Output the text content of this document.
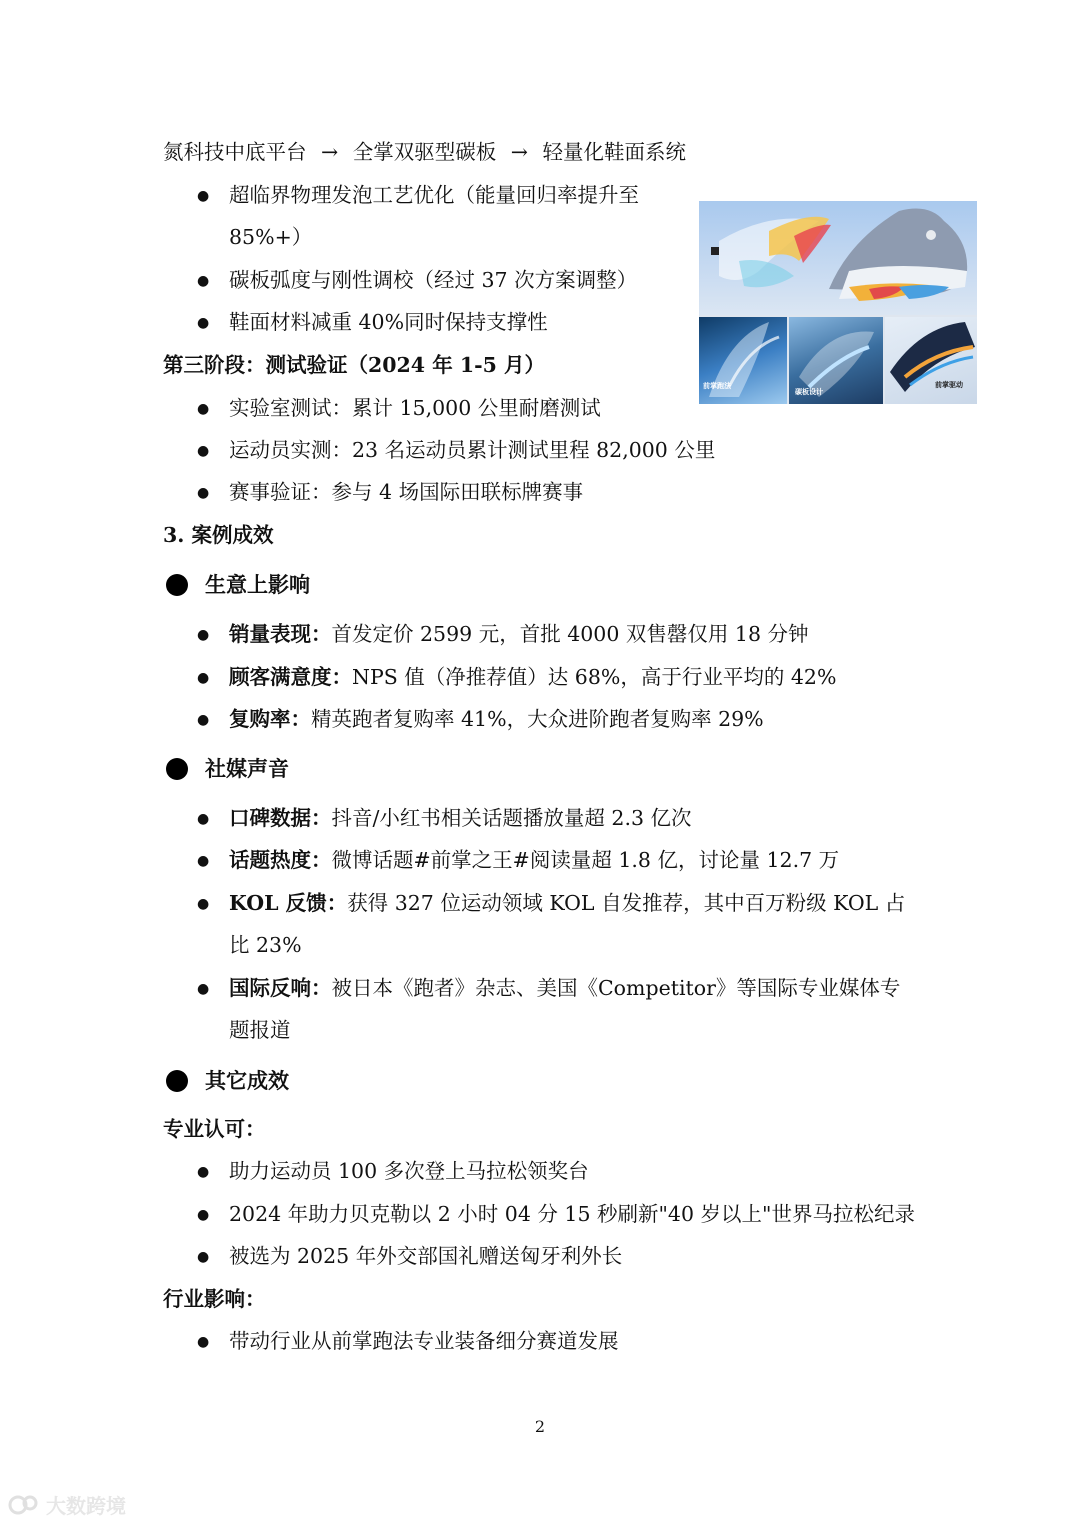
氮科技中底平台 → 全掌双驱型碳板 → 轻量化鞋面系统
● 超临界物理发泡工艺优化（能量回归率提升至
85%+）
● 碳板弧度与刚性调校（经过 37 次方案调整）
● 鞋面材料减重 40%同时保持支撑性
前掌跑法
碳板设计
前掌驱动
第三阶段：测试验证（2024 年 1-5 月）
● 实验室测试：累计 15,000 公里耐磨测试
● 运动员实测：23 名运动员累计测试里程 82,000 公里
● 赛事验证：参与 4 场国际田联标牌赛事
3. 案例成效
生意上影响
● 销量表现：首发定价 2599 元，首批 4000 双售罄仅用 18 分钟
● 顾客满意度：NPS 值（净推荐值）达 68%，高于行业平均的 42%
● 复购率：精英跑者复购率 41%，大众进阶跑者复购率 29%
社媒声音
● 口碑数据：抖音/小红书相关话题播放量超 2.3 亿次
● 话题热度：微博话题#前掌之王#阅读量超 1.8 亿，讨论量 12.7 万
● KOL 反馈：获得 327 位运动领域 KOL 自发推荐，其中百万粉级 KOL 占
比 23%
● 国际反响：被日本《跑者》杂志、美国《Competitor》等国际专业媒体专
题报道
其它成效
专业认可：
● 助力运动员 100 多次登上马拉松领奖台
● 2024 年助力贝克勒以 2 小时 04 分 15 秒刷新"40 岁以上"世界马拉松纪录
● 被选为 2025 年外交部国礼赠送匈牙利外长
行业影响：
● 带动行业从前掌跑法专业装备细分赛道发展
2
大数跨境
